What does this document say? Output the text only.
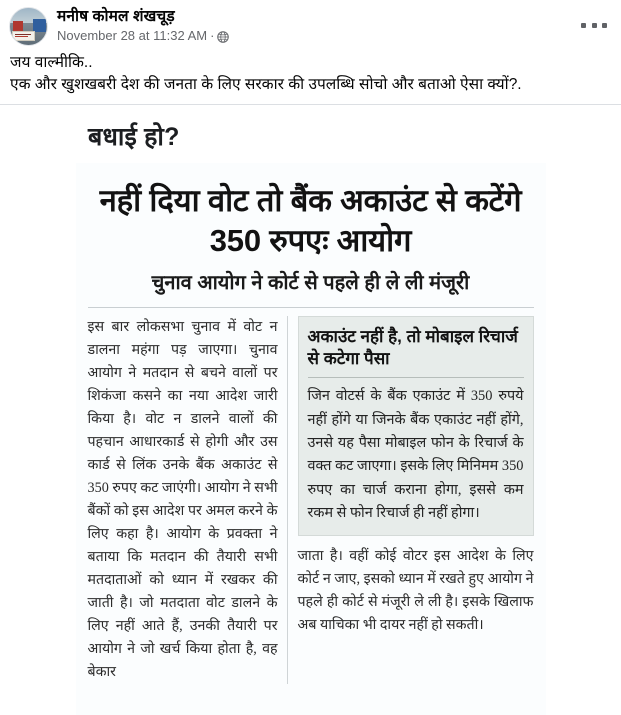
मनीष कोमल शंखचूड़
November 28 at 11:32 AM ·
जय वाल्मीकि..
एक और खुशखबरी देश की जनता के लिए सरकार की उपलब्धि सोचो और बताओ ऐसा क्यों?.
बधाई हो?
नहीं दिया वोट तो बैंक अकाउंट से कटेंगे 350 रुपएः आयोग
चुनाव आयोग ने कोर्ट से पहले ही ले ली मंजूरी
इस बार लोकसभा चुनाव में वोट न डालना महंगा पड़ जाएगा। चुनाव आयोग ने मतदान से बचने वालों पर शिकंजा कसने का नया आदेश जारी किया है। वोट न डालने वालों की पहचान आधारकार्ड से होगी और उस कार्ड से लिंक उनके बैंक अकाउंट से 350 रुपए कट जाएंगी। आयोग ने सभी बैंकों को इस आदेश पर अमल करने के लिए कहा है। आयोग के प्रवक्ता ने बताया कि मतदान की तैयारी सभी मतदाताओं को ध्यान में रखकर की जाती है। जो मतदाता वोट डालने के लिए नहीं आते हैं, उनकी तैयारी पर आयोग ने जो खर्च किया होता है, वह बेकार
अकाउंट नहीं है, तो मोबाइल रिचार्ज से कटेगा पैसा
जिन वोटर्स के बैंक एकाउंट में 350 रुपये नहीं होंगे या जिनके बैंक एकाउंट नहीं होंगे, उनसे यह पैसा मोबाइल फोन के रिचार्ज के वक्त कट जाएगा। इसके लिए मिनिमम 350 रुपए का चार्ज कराना होगा, इससे कम रकम से फोन रिचार्ज ही नहीं होगा।
जाता है। वहीं कोई वोटर इस आदेश के लिए कोर्ट न जाए, इसको ध्यान में रखते हुए आयोग ने पहले ही कोर्ट से मंजूरी ले ली है। इसके खिलाफ अब याचिका भी दायर नहीं हो सकती।
